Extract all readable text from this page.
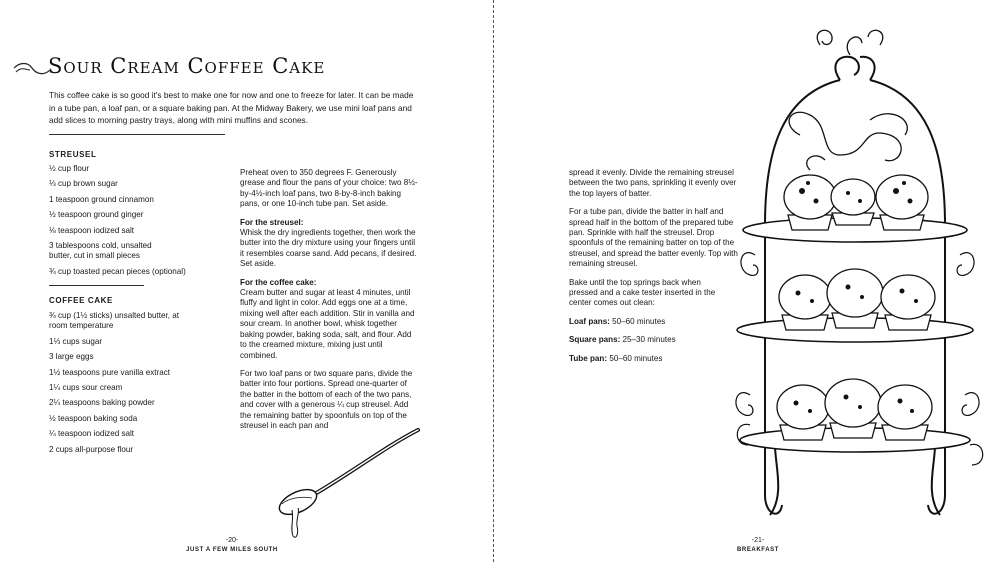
Sour Cream Coffee Cake
This coffee cake is so good it's best to make one for now and one to freeze for later. It can be made in a tube pan, a loaf pan, or a square baking pan. At the Midway Bakery, we use mini loaf pans and add slices to morning pastry trays, along with mini muffins and scones.
STREUSEL
½ cup flour
⅓ cup brown sugar
1 teaspoon ground cinnamon
½ teaspoon ground ginger
⅛ teaspoon iodized salt
3 tablespoons cold, unsalted butter, cut in small pieces
¾ cup toasted pecan pieces (optional)
COFFEE CAKE
¾ cup (1½ sticks) unsalted butter, at room temperature
1⅓ cups sugar
3 large eggs
1½ teaspoons pure vanilla extract
1¼ cups sour cream
2¼ teaspoons baking powder
½ teaspoon baking soda
¼ teaspoon iodized salt
2 cups all-purpose flour

Preheat oven to 350 degrees F. Generously grease and flour the pans of your choice: two 8½-by-4½-inch loaf pans, two 8-by-8-inch baking pans, or one 10-inch tube pan. Set aside.

For the streusel:
Whisk the dry ingredients together, then work the butter into the dry mixture using your fingers until it resembles coarse sand. Add pecans, if desired. Set aside.

For the coffee cake:
Cream butter and sugar at least 4 minutes, until fluffy and light in color. Add eggs one at a time, mixing well after each addition. Stir in vanilla and sour cream. In another bowl, whisk together baking powder, baking soda, salt, and flour. Add to the creamed mixture, mixing just until combined.

For two loaf pans or two square pans, divide the batter into four portions. Spread one-quarter of the batter in the bottom of each of the two pans, and cover with a generous ¼ cup streusel. Add the remaining batter by spoonfuls on top of the streusel in each pan and

-20-
JUST A FEW MILES SOUTH

spread it evenly. Divide the remaining streusel between the two pans, sprinkling it evenly over the top layers of batter.

For a tube pan, divide the batter in half and spread half in the bottom of the prepared tube pan. Sprinkle with half the streusel. Drop spoonfuls of the remaining batter on top of the streusel, and spread the batter evenly. Top with remaining streusel.

Bake until the top springs back when pressed and a cake tester inserted in the center comes out clean:

Loaf pans: 50–60 minutes

Square pans: 25–30 minutes

Tube pan: 50–60 minutes

-21-
BREAKFAST
